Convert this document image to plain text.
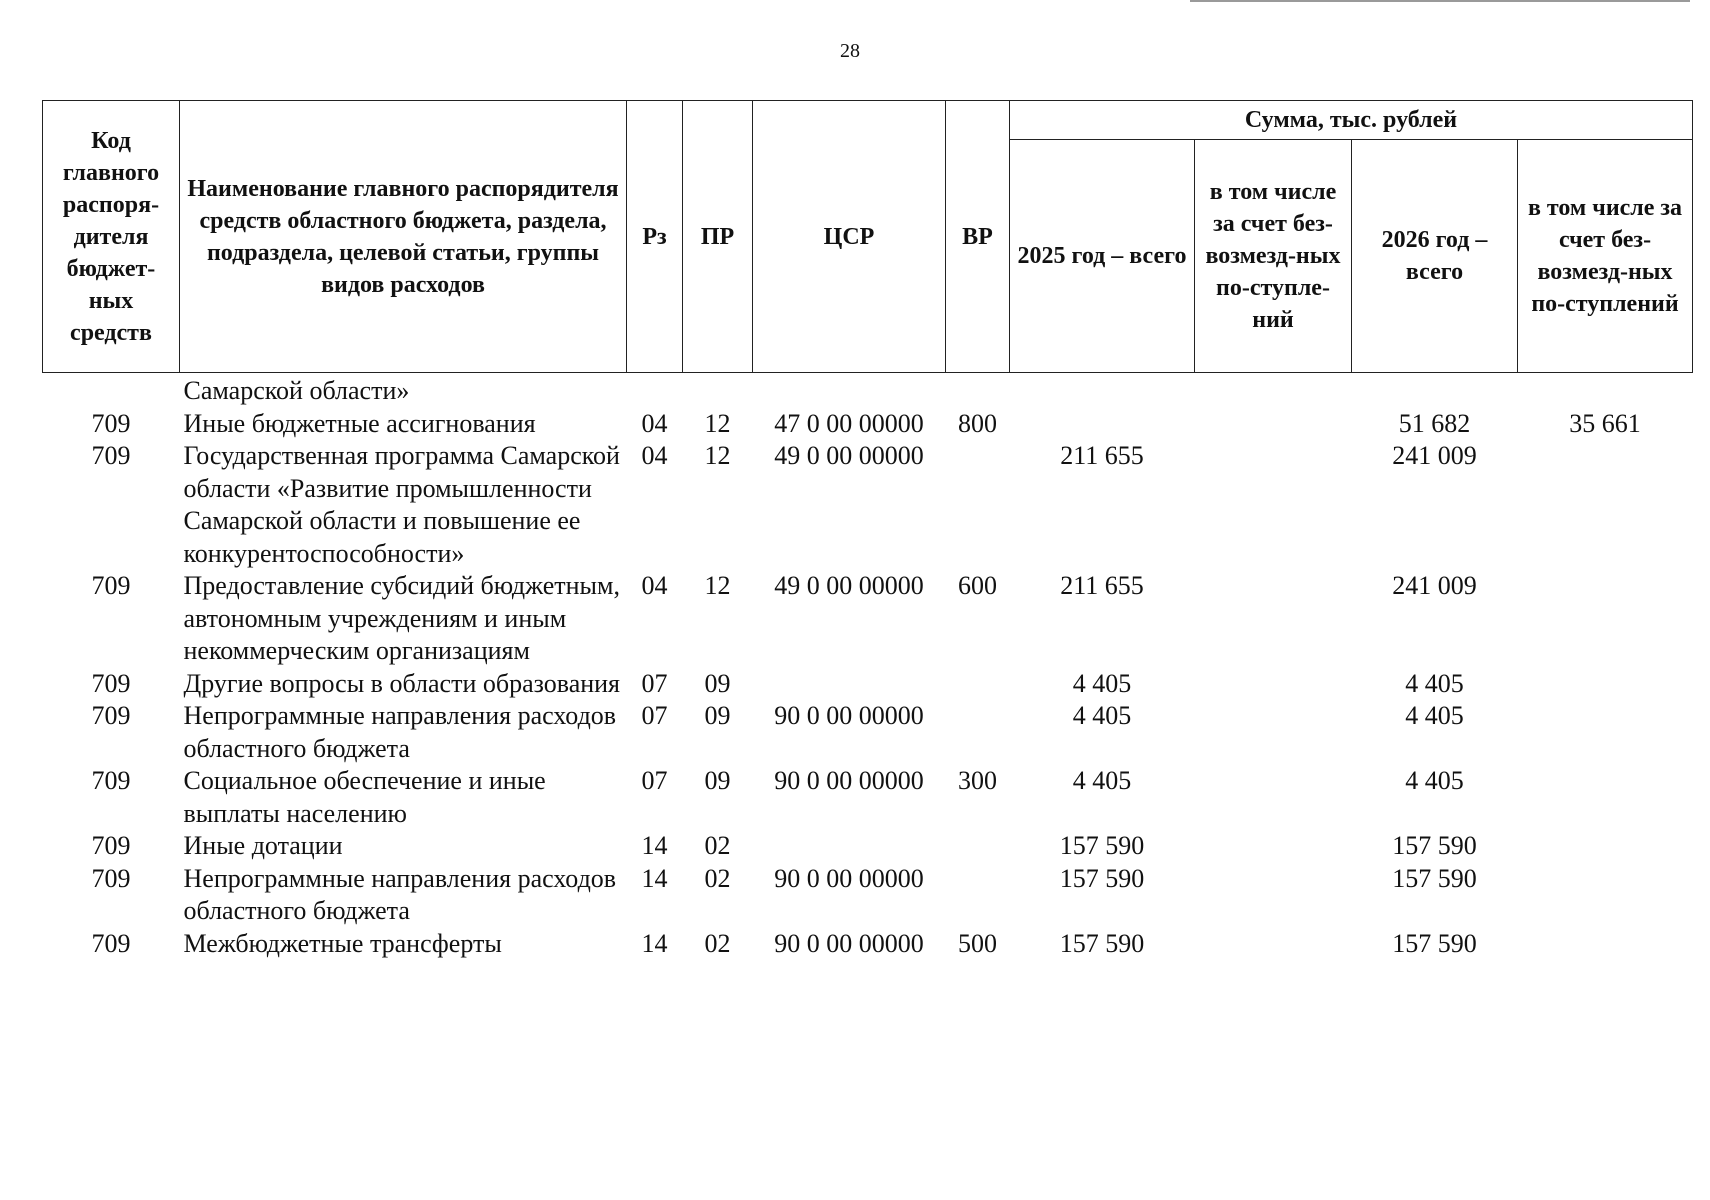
28
Код главного распоря-дителя бюджет-ных средств	Наименование главного распорядителя средств областного бюджета, раздела, подраздела, целевой статьи, группы видов расходов	Рз	ПР	ЦСР	ВР	Сумма, тыс. рублей			
						2025 год – всего	в том числе за счет без-возмезд-ных по-ступле-ний	2026 год – всего	в том числе за счет без-возмезд-ных по-ступлений
	Самарской области»								
709	Иные бюджетные ассигнования	04	12	47 0 00 00000	800			51 682	35 661
709	Государственная программа Самарской области «Развитие промышленности Самарской области и повышение ее конкурентоспособности»	04	12	49 0 00 00000		211 655		241 009	
709	Предоставление субсидий бюджетным, автономным учреждениям и иным некоммерческим организациям	04	12	49 0 00 00000	600	211 655		241 009	
709	Другие вопросы в области образования	07	09			4 405		4 405	
709	Непрограммные направления расходов областного бюджета	07	09	90 0 00 00000		4 405		4 405	
709	Социальное обеспечение и иные выплаты населению	07	09	90 0 00 00000	300	4 405		4 405	
709	Иные дотации	14	02			157 590		157 590	
709	Непрограммные направления расходов областного бюджета	14	02	90 0 00 00000		157 590		157 590	
709	Межбюджетные трансферты	14	02	90 0 00 00000	500	157 590		157 590	
